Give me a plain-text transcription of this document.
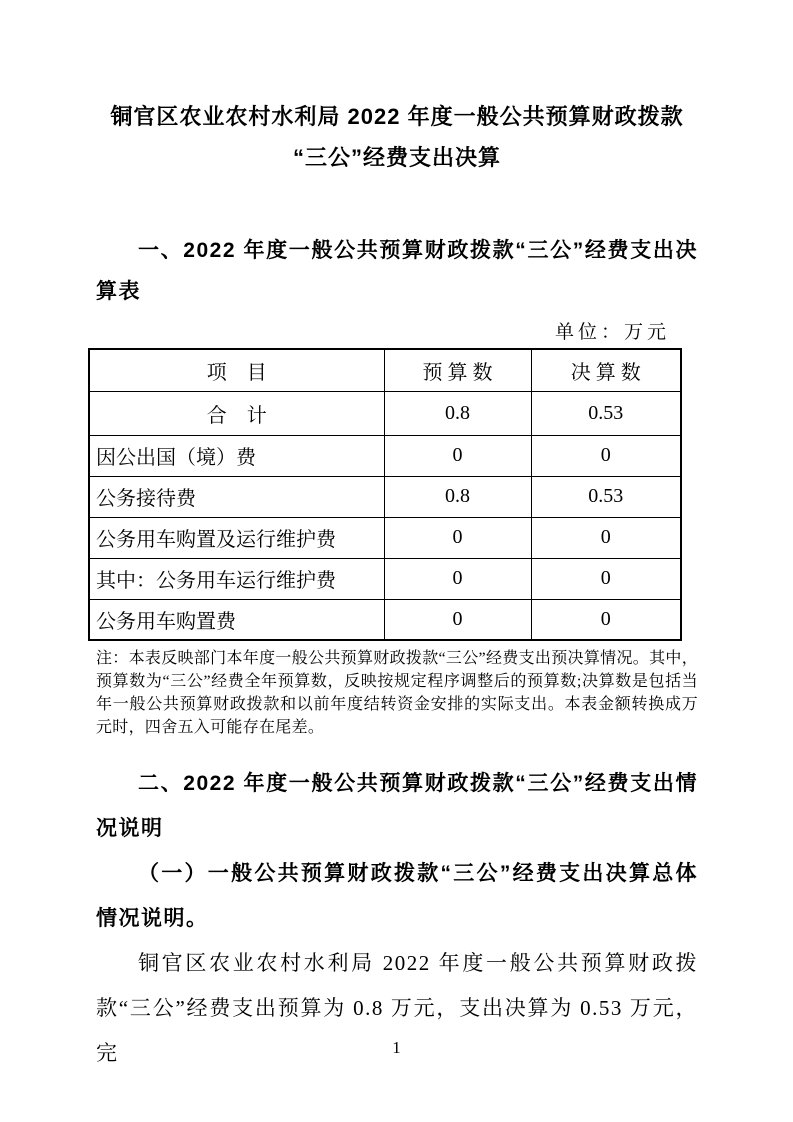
铜官区农业农村水利局 2022 年度一般公共预算财政拨款
“三公”经费支出决算
一、2022 年度一般公共预算财政拨款“三公”经费支出决算表
单位：万元
项　目	预 算 数	决 算 数
合　计	0.8	0.53
因公出国（境）费	0	0
公务接待费	0.8	0.53
公务用车购置及运行维护费	0	0
其中：公务用车运行维护费	0	0
公务用车购置费	0	0
注：本表反映部门本年度一般公共预算财政拨款“三公”经费支出预决算情况。其中，预算数为“三公”经费全年预算数，反映按规定程序调整后的预算数;决算数是包括当年一般公共预算财政拨款和以前年度结转资金安排的实际支出。本表金额转换成万元时，四舍五入可能存在尾差。
二、2022 年度一般公共预算财政拨款“三公”经费支出情况说明
（一）一般公共预算财政拨款“三公”经费支出决算总体情况说明。
铜官区农业农村水利局 2022 年度一般公共预算财政拨款“三公”经费支出预算为 0.8 万元，支出决算为 0.53 万元，完	1
